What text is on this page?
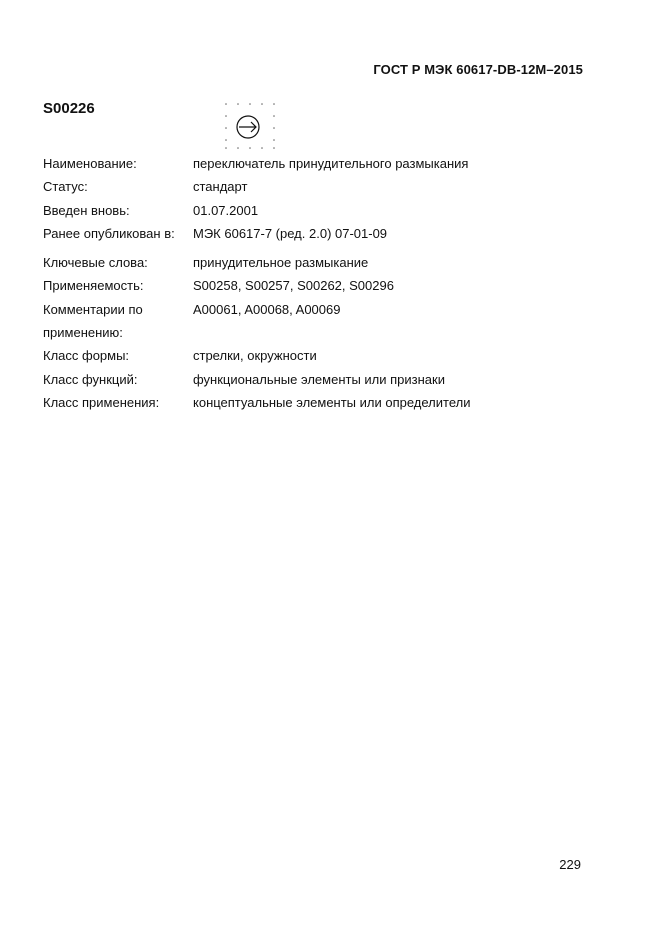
ГОСТ Р МЭК 60617-DB-12M–2015
S00226
Наименование:	переключатель принудительного размыкания
Статус:	стандарт
Введен вновь:	01.07.2001
Ранее опубликован в:	МЭК 60617-7 (ред. 2.0) 07-01-09
Ключевые слова:	принудительное размыкание
Применяемость:	S00258, S00257, S00262, S00296
Комментарии по	A00061, A00068, A00069
применению:
Класс формы:	стрелки, окружности
Класс функций:	функциональные элементы или признаки
Класс применения:	концептуальные элементы или определители
229
